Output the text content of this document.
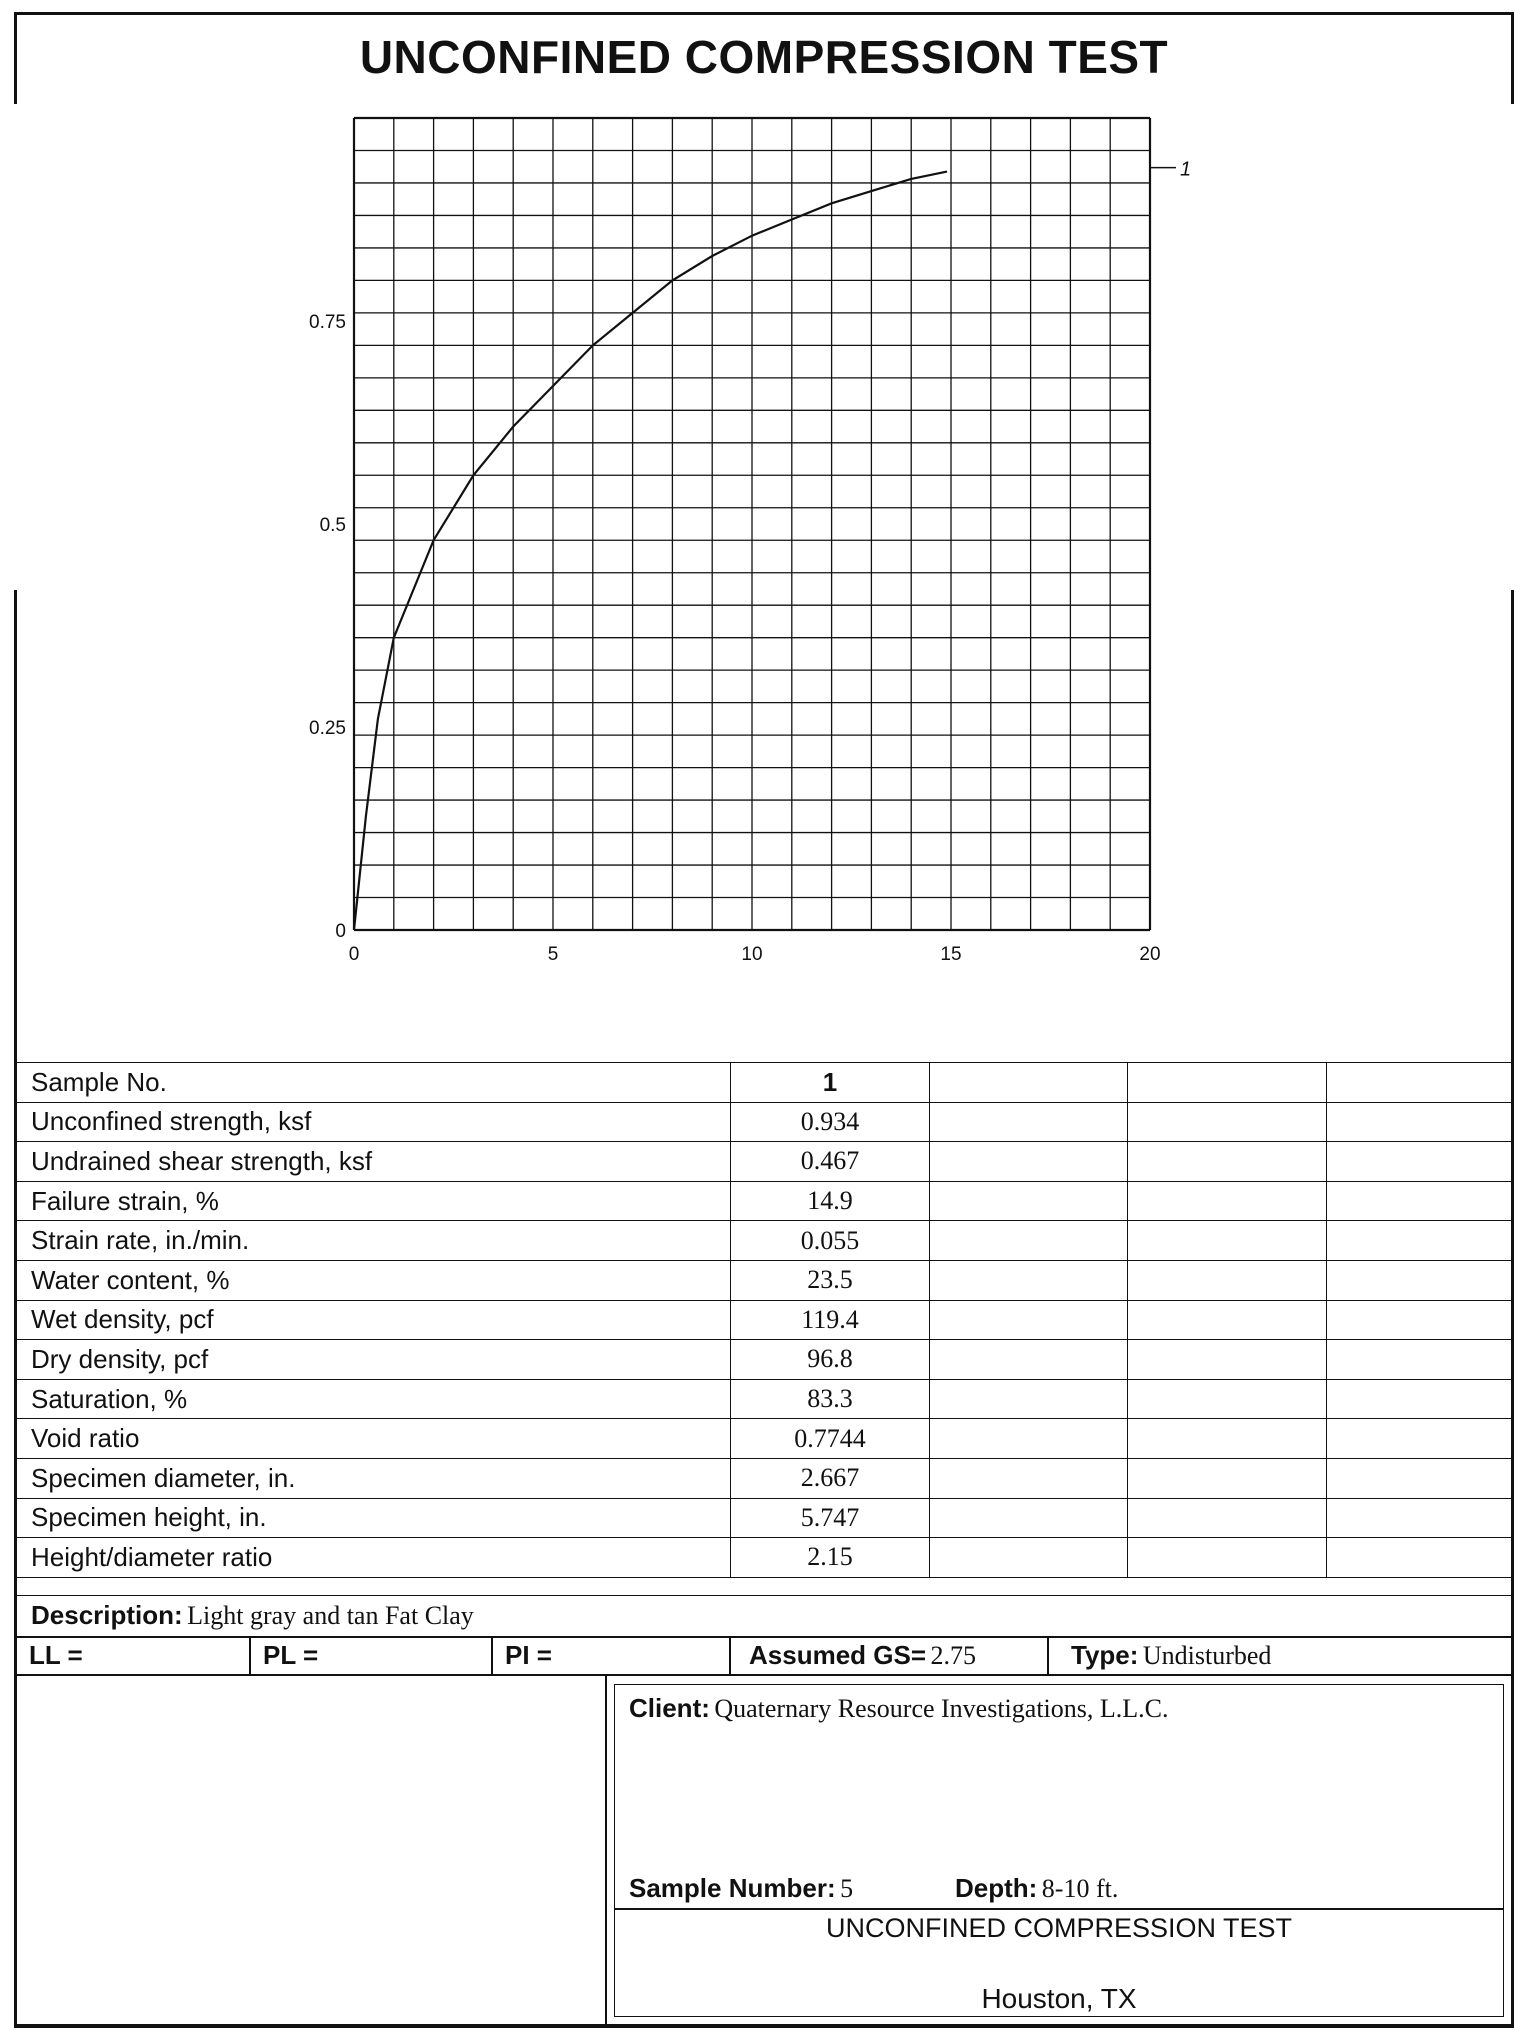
UNCONFINED COMPRESSION TEST
0	5	10	15	20
0
0.25
0.5
0.75
1
Sample No.	1			
Unconfined strength, ksf	0.934			
Undrained shear strength, ksf	0.467			
Failure strain, %	14.9			
Strain rate, in./min.	0.055			
Water content, %	23.5			
Wet density, pcf	119.4			
Dry density, pcf	96.8			
Saturation, %	83.3			
Void ratio	0.7744			
Specimen diameter, in.	2.667			
Specimen height, in.	5.747			
Height/diameter ratio	2.15			
Description: Light gray and tan Fat Clay
LL =	PL =	PI =	Assumed GS= 2.75	Type: Undisturbed
Client: Quaternary Resource Investigations, L.L.C.
Sample Number: 5	Depth: 8-10 ft.
UNCONFINED COMPRESSION TEST
Houston, TX
